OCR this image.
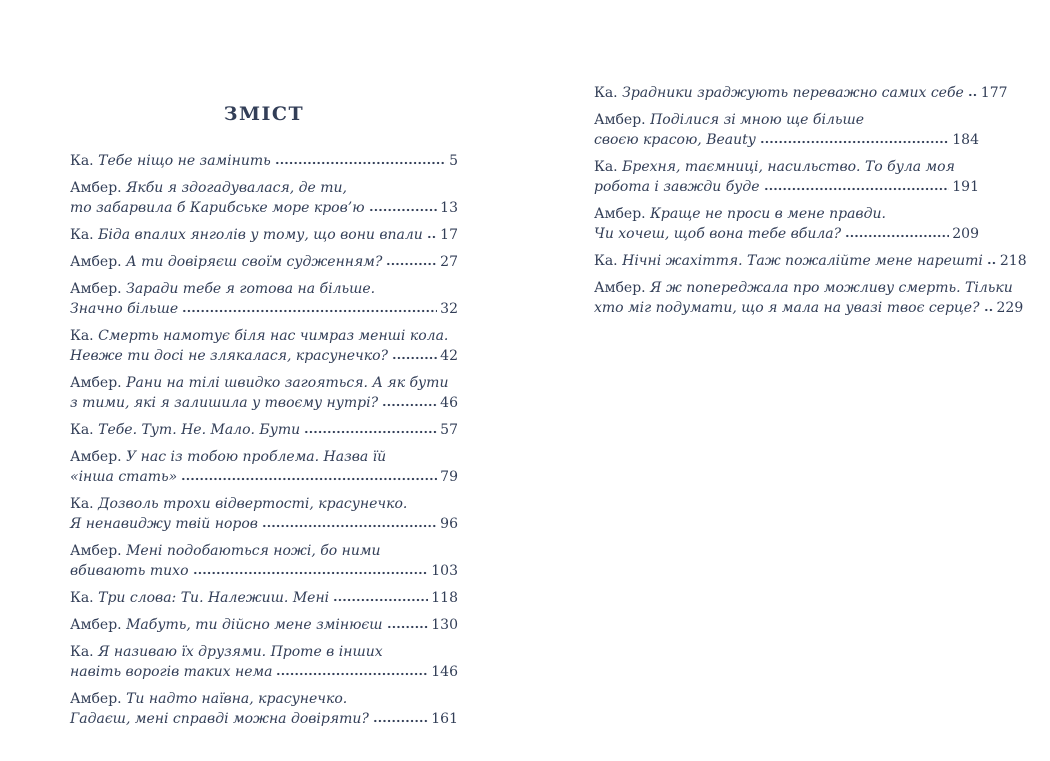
ЗМІСТ
Ка. Тебе ніщо не замінить	5
Амбер. Якби я здогадувалася, де ти,
то забарвила б Карибське море кров’ю	13
Ка. Біда впалих янголів у тому, що вони впали 17
Амбер. А ти довіряєш своїм судженням?	27
Амбер. Заради тебе я готова на більше.
Значно більше	32
Ка. Смерть намотує біля нас чимраз менші кола.
Невже ти досі не злякалася, красунечко?	42
Амбер. Рани на тілі швидко загояться. А як бути
з тими, які я залишила у твоєму нутрі?	46
Ка. Тебе. Тут. Не. Мало. Бути	57
Амбер. У нас із тобою проблема. Назва їй
«інша стать»	79
Ка. Дозволь трохи відвертості, красунечко.
Я ненавиджу твій норов	96
Амбер. Мені подобаються ножі, бо ними
вбивають тихо	103
Ка. Три слова: Ти. Належиш. Мені	118
Амбер. Мабуть, ти дійсно мене змінюєш	130
Ка. Я називаю їх друзями. Проте в інших
навіть ворогів таких нема	146
Амбер. Ти надто наївна, красунечко.
Гадаєш, мені справді можна довіряти?	161
Ка. Зрадники зраджують переважно самих себе 177
Амбер. Поділися зі мною ще більше
своєю красою, Beauty	184
Ка. Брехня, таємниці, насильство. То була моя
робота і завжди буде	191
Амбер. Краще не проси в мене правди.
Чи хочеш, щоб вона тебе вбила?	209
Ка. Нічні жахіття. Таж пожалійте мене нарешті 218
Амбер. Я ж попереджала про можливу смерть. Тільки
хто міг подумати, що я мала на увазі твоє серце? 229
